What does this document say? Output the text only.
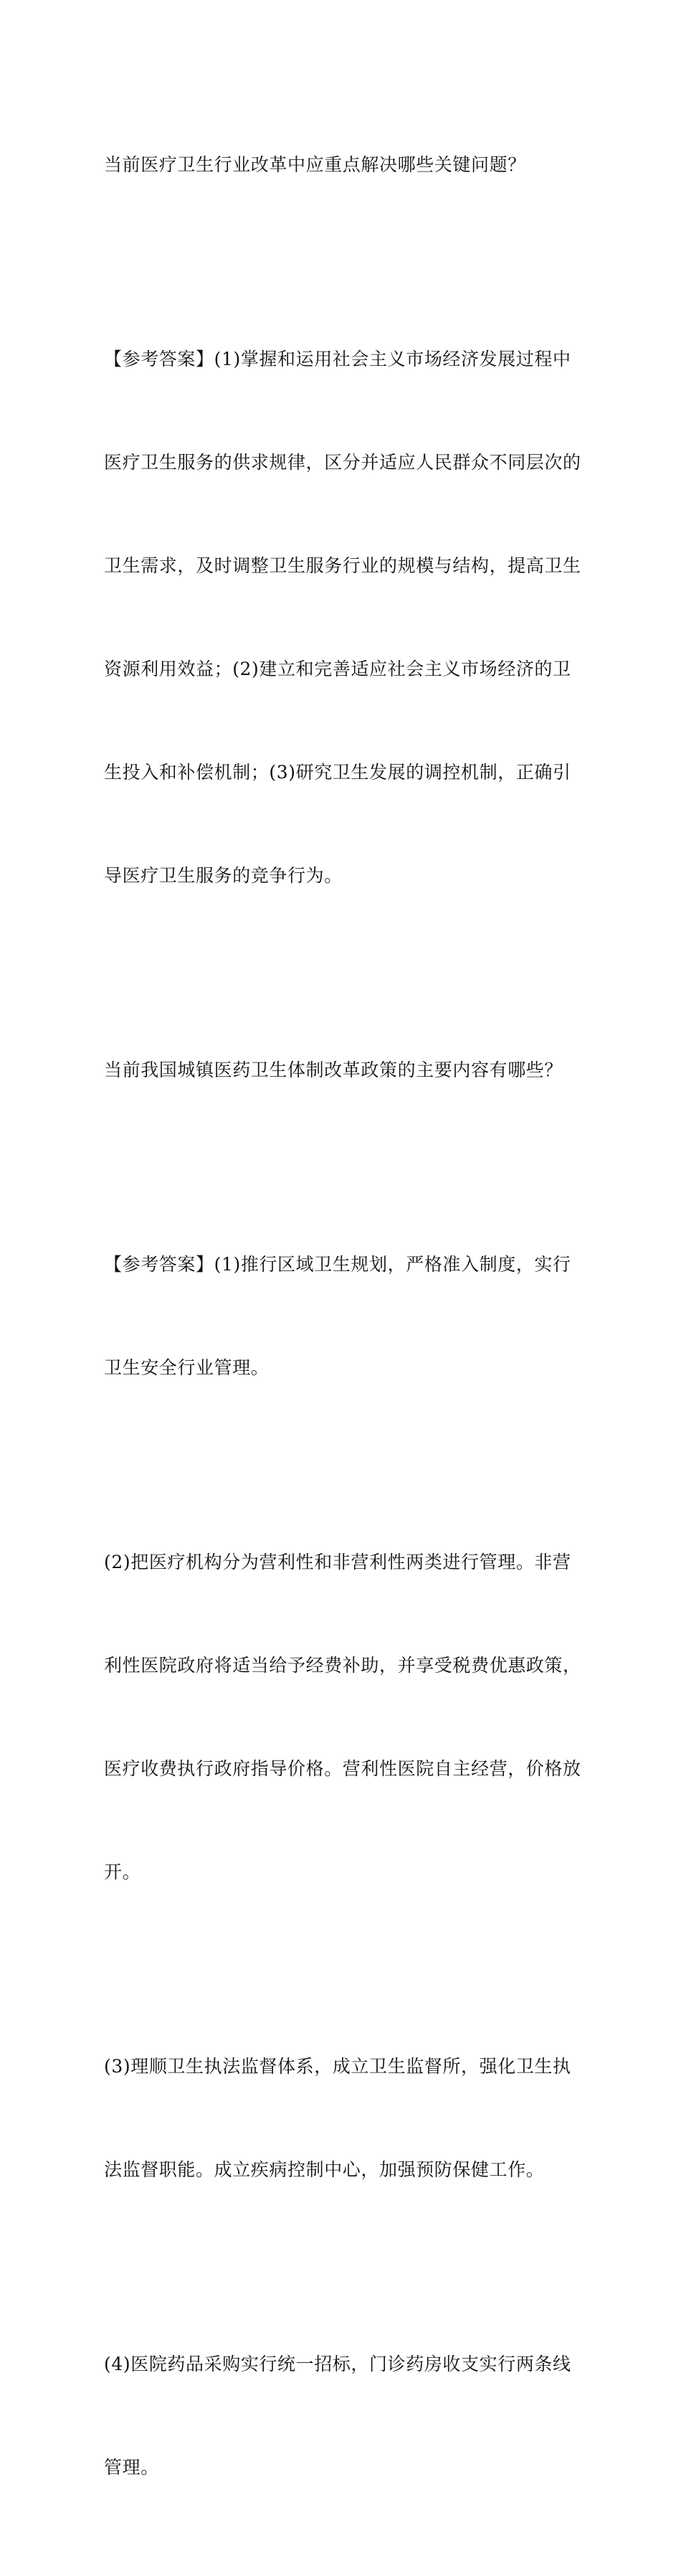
当前医疗卫生行业改革中应重点解决哪些关键问题？

【参考答案】(1)掌握和运用社会主义市场经济发展过程中

医疗卫生服务的供求规律，区分并适应人民群众不同层次的

卫生需求，及时调整卫生服务行业的规模与结构，提高卫生

资源利用效益；(2)建立和完善适应社会主义市场经济的卫

生投入和补偿机制；(3)研究卫生发展的调控机制，正确引

导医疗卫生服务的竞争行为。

当前我国城镇医药卫生体制改革政策的主要内容有哪些？

【参考答案】(1)推行区域卫生规划，严格准入制度，实行

卫生安全行业管理。

(2)把医疗机构分为营利性和非营利性两类进行管理。非营

利性医院政府将适当给予经费补助，并享受税费优惠政策，

医疗收费执行政府指导价格。营利性医院自主经营，价格放

开。

(3)理顺卫生执法监督体系，成立卫生监督所，强化卫生执

法监督职能。成立疾病控制中心，加强预防保健工作。

(4)医院药品采购实行统一招标，门诊药房收支实行两条线

管理。
